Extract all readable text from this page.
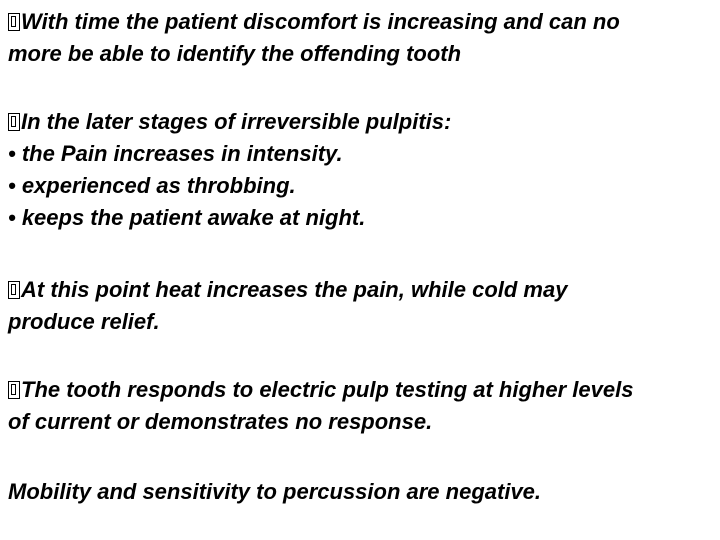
With time the patient discomfort is increasing and can no
more be able to identify the offending tooth
In the later stages of irreversible pulpitis:
• the Pain increases in intensity.
• experienced as throbbing.
• keeps the patient awake at night.
At this point heat increases the pain, while cold may
produce relief.
The tooth responds to electric pulp testing at higher levels
of current or demonstrates no response.
Mobility and sensitivity to percussion are negative.
